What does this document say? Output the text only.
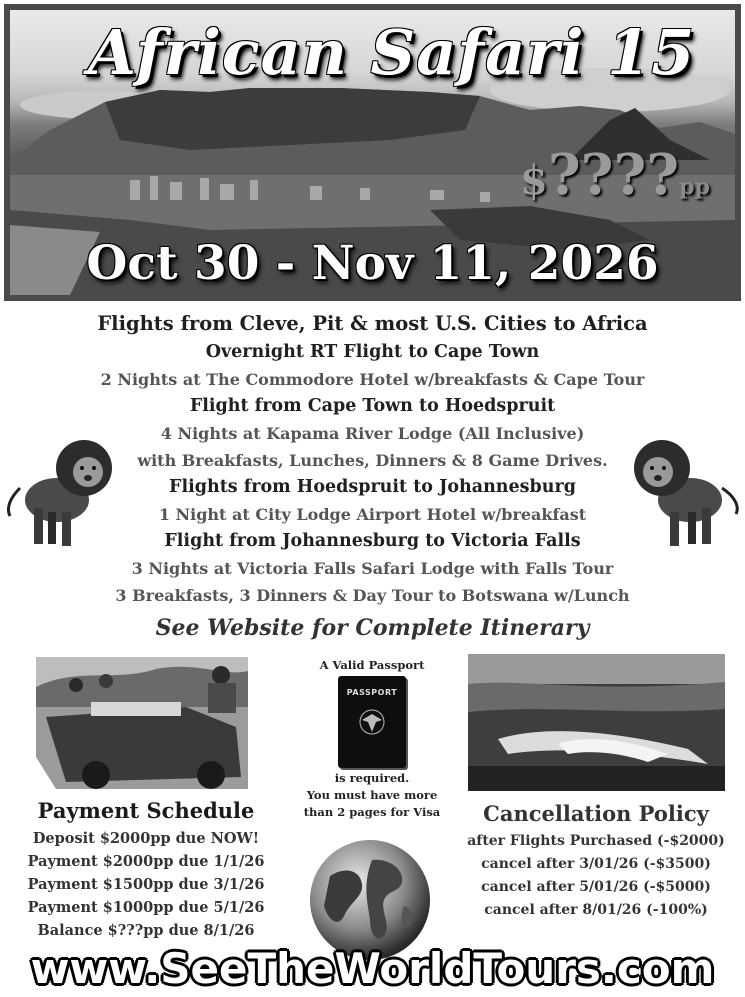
African Safari 15
$????pp
Oct 30 - Nov 11, 2026
Flights from Cleve, Pit & most U.S. Cities to Africa
Overnight RT Flight to Cape Town
2 Nights at The Commodore Hotel w/breakfasts & Cape Tour
Flight from Cape Town to Hoedspruit
4 Nights at Kapama River Lodge (All Inclusive)
with Breakfasts, Lunches, Dinners & 8 Game Drives.
Flights from Hoedspruit to Johannesburg
1 Night at City Lodge Airport Hotel w/breakfast
Flight from Johannesburg to Victoria Falls
3 Nights at Victoria Falls Safari Lodge with Falls Tour
3 Breakfasts, 3 Dinners & Day Tour to Botswana w/Lunch
See Website for Complete Itinerary
A Valid Passport
PASSPORT
is required.
You must have more
than 2 pages for Visa
Payment Schedule
Deposit $2000pp due NOW!
Payment $2000pp due 1/1/26
Payment $1500pp due 3/1/26
Payment $1000pp due 5/1/26
Balance $???pp due 8/1/26
Cancellation Policy
after Flights Purchased (-$2000)
cancel after 3/01/26 (-$3500)
cancel after 5/01/26 (-$5000)
cancel after 8/01/26 (-100%)
www.SeeTheWorldTours.com
